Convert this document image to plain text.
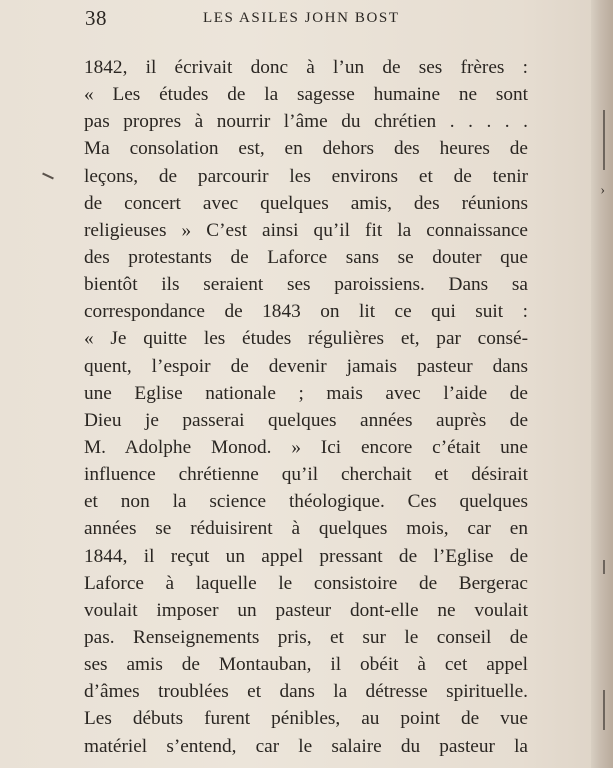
38	LES ASILES JOHN BOST
›
1842, il écrivait donc à l’un de ses frères :
« Les études de la sagesse humaine ne sont
pas propres à nourrir l’âme du chrétien . . . . .
Ma consolation est, en dehors des heures de
leçons, de parcourir les environs et de tenir
de concert avec quelques amis, des réunions
religieuses » C’est ainsi qu’il fit la connaissance
des protestants de Laforce sans se douter que
bientôt ils seraient ses paroissiens. Dans sa
correspondance de 1843 on lit ce qui suit :
« Je quitte les études régulières et, par consé-
quent, l’espoir de devenir jamais pasteur dans
une Eglise nationale ; mais avec l’aide de
Dieu je passerai quelques années auprès de
M. Adolphe Monod. » Ici encore c’était une
influence chrétienne qu’il cherchait et désirait
et non la science théologique. Ces quelques
années se réduisirent à quelques mois, car en
1844, il reçut un appel pressant de l’Eglise de
Laforce à laquelle le consistoire de Bergerac
voulait imposer un pasteur dont-elle ne voulait
pas. Renseignements pris, et sur le conseil de
ses amis de Montauban, il obéit à cet appel
d’âmes troublées et dans la détresse spirituelle.
Les débuts furent pénibles, au point de vue
matériel s’entend, car le salaire du pasteur la
